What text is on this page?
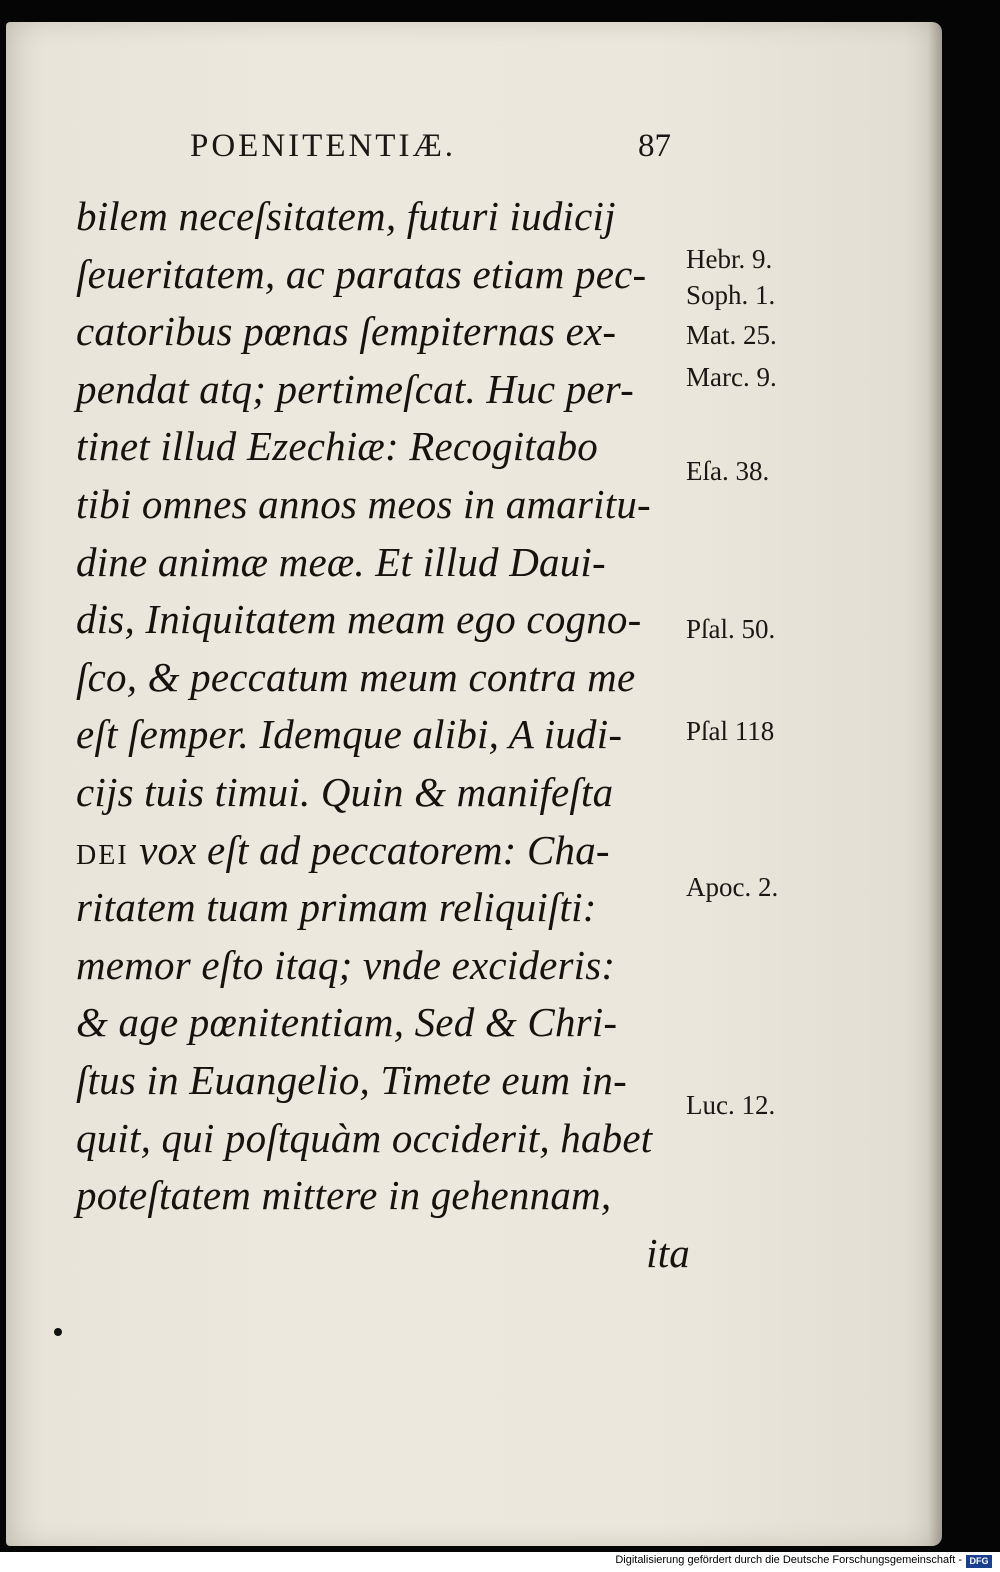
POENITENTIÆ.	87
bilem neceſsitatem, futuri iudicij
ſeueritatem, ac paratas etiam pec-
catoribus pœnas ſempiternas ex-
pendat atq; pertimeſcat. Huc per-
tinet illud Ezechiæ: Recogitabo
tibi omnes annos meos in amaritu-
dine animæ meæ. Et illud Daui-
dis, Iniquitatem meam ego cogno-
ſco, & peccatum meum contra me
eſt ſemper. Idemque alibi, A iudi-
cijs tuis timui. Quin & manifeſta
DEI vox eſt ad peccatorem: Cha-
ritatem tuam primam reliquiſti:
memor eſto itaq; vnde excideris:
& age pœnitentiam, Sed & Chri-
ſtus in Euangelio, Timete eum in-
quit, qui poſtquàm occiderit, habet
poteſtatem mittere in gehennam,
ita
Hebr. 9.
Soph. 1.
Mat. 25.
Marc. 9.
Eſa. 38.
Pſal. 50.
Pſal 118
Apoc. 2.
Luc. 12.
Digitalisierung gefördert durch die Deutsche Forschungsgemeinschaft - DFG
